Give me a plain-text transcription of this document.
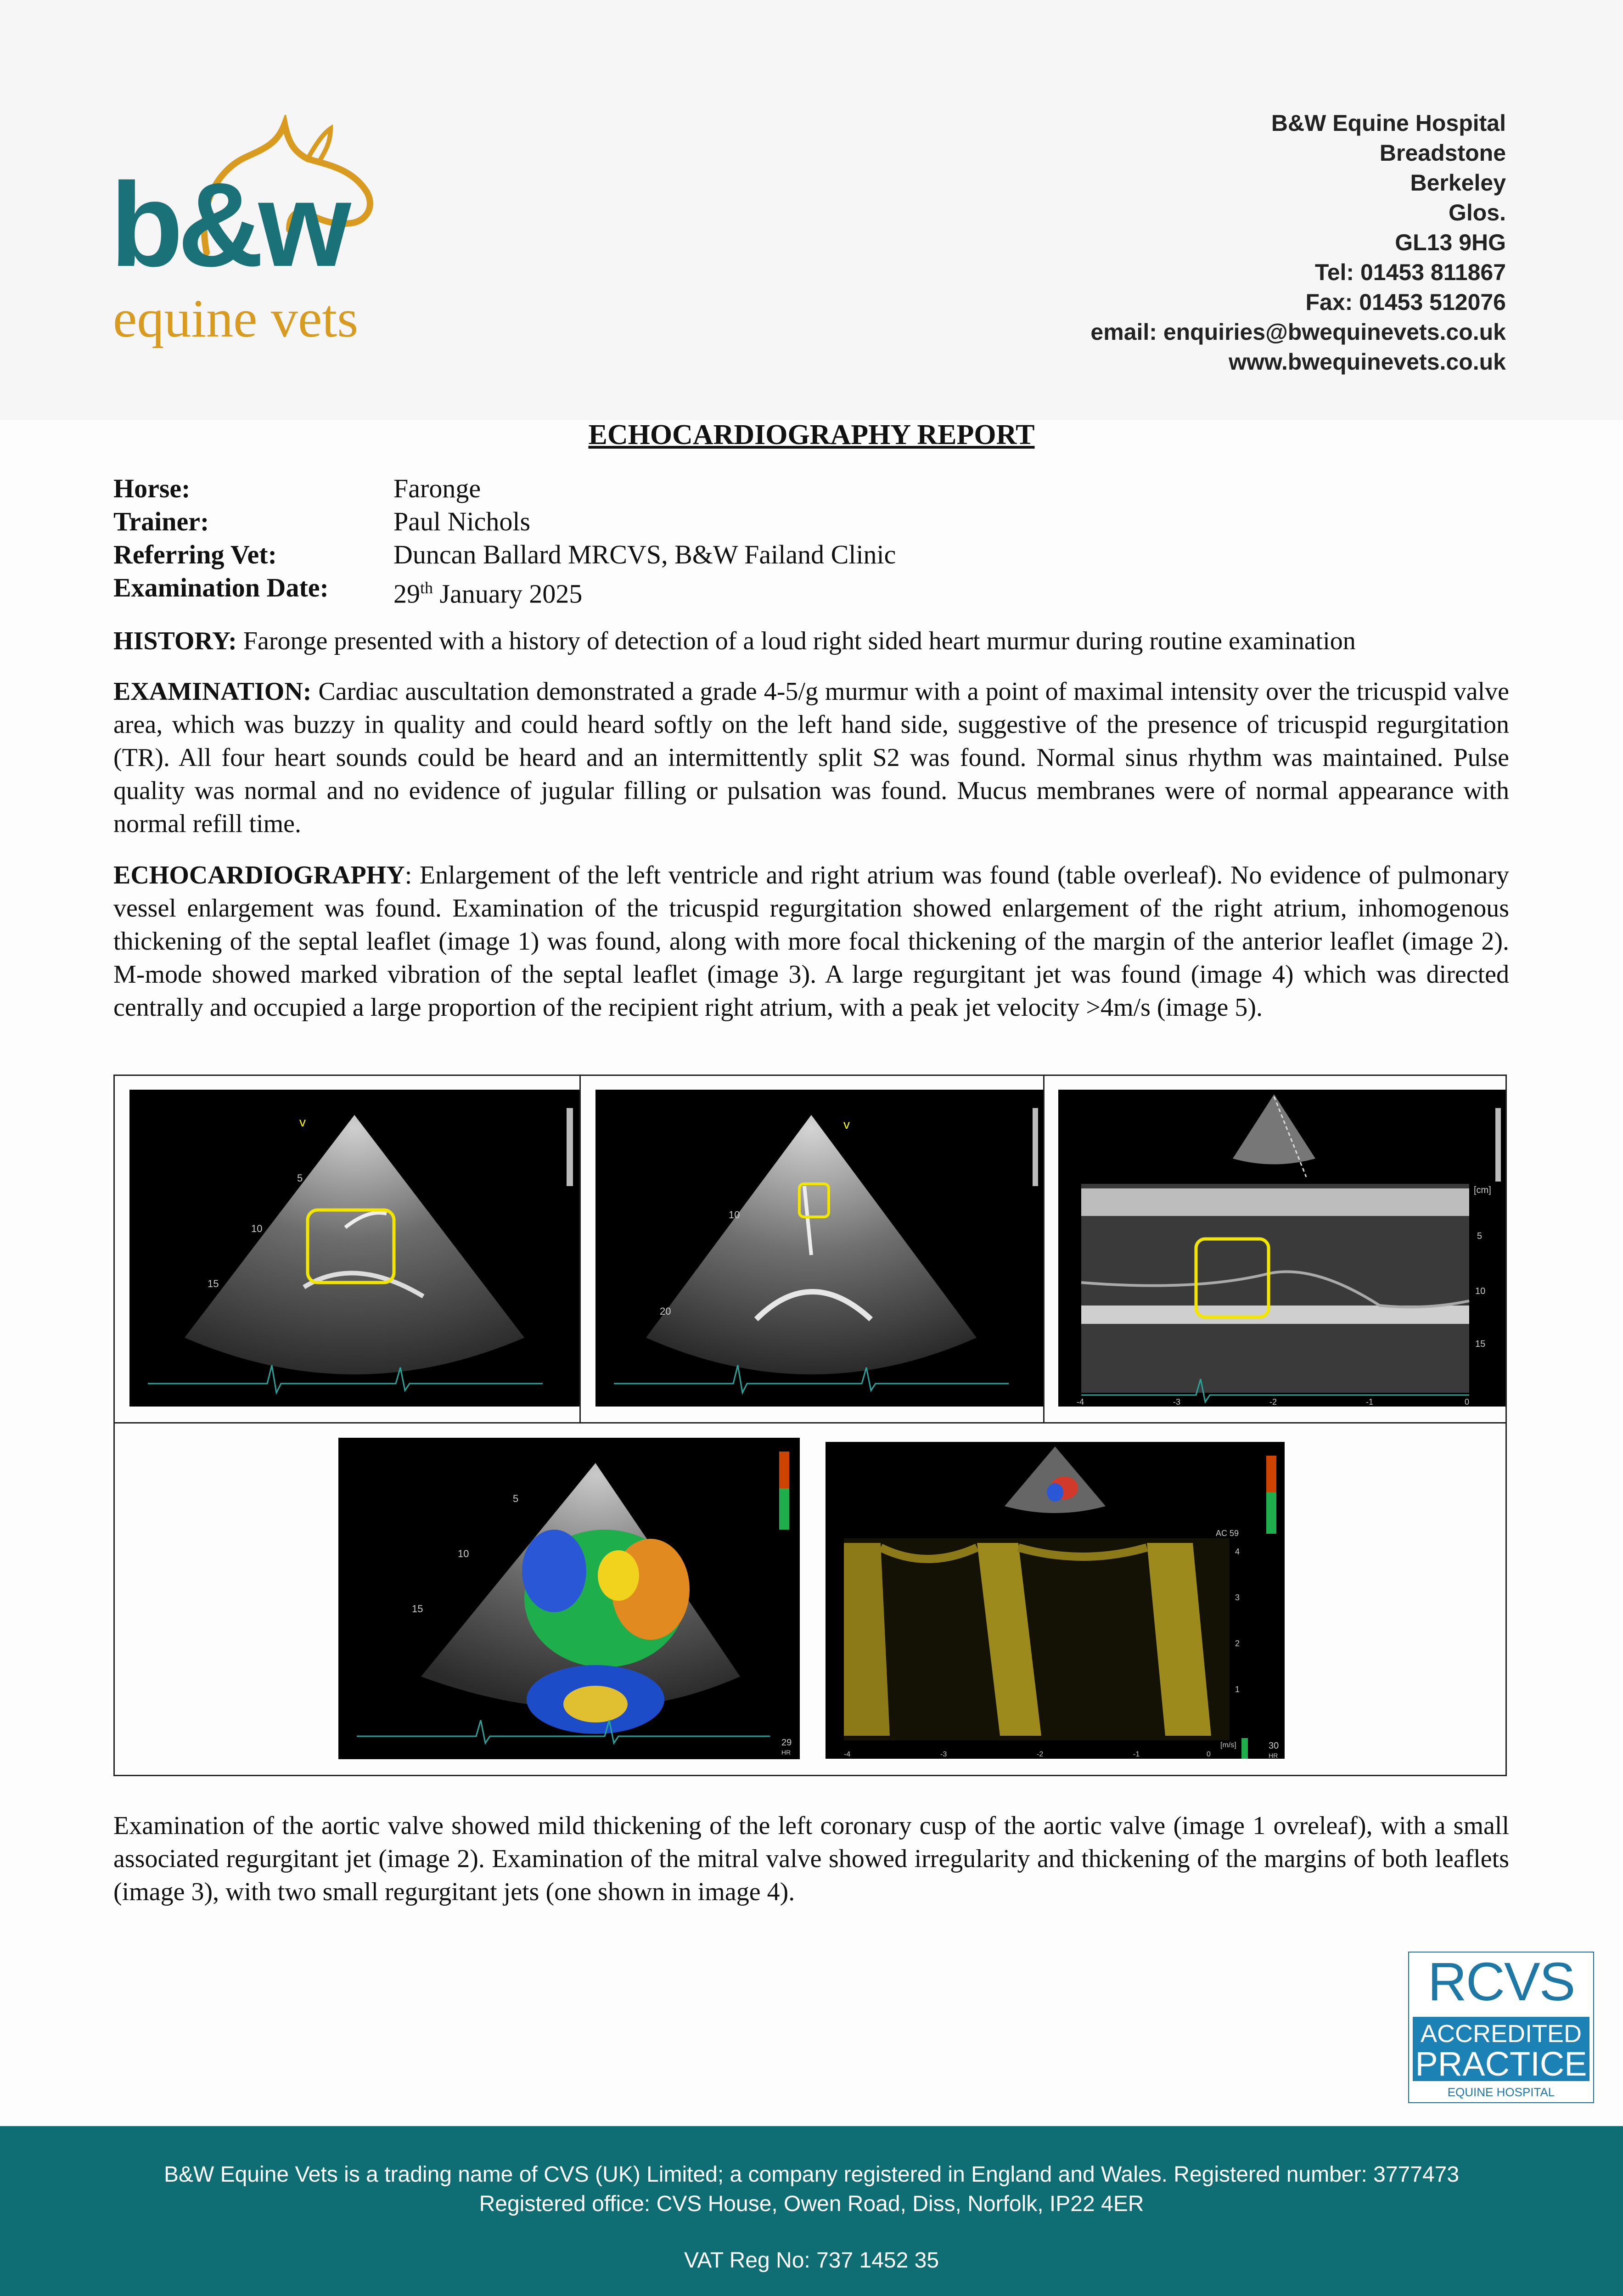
b&w
equine vets
B&W Equine Hospital
Breadstone
Berkeley
Glos.
GL13 9HG
Tel: 01453 811867
Fax: 01453 512076
email: enquiries@bwequinevets.co.uk
www.bwequinevets.co.uk
ECHOCARDIOGRAPHY REPORT
Horse:	Faronge
Trainer:	Paul Nichols
Referring Vet:	Duncan Ballard MRCVS, B&W Failand Clinic
Examination Date:	29th January 2025

HISTORY: Faronge presented with a history of detection of a loud right sided heart murmur during routine examination

EXAMINATION: Cardiac auscultation demonstrated a grade 4-5/g murmur with a point of maximal intensity over the tricuspid valve area, which was buzzy in quality and could heard softly on the left hand side, suggestive of the presence of tricuspid regurgitation (TR). All four heart sounds could be heard and an intermittently split S2 was found. Normal sinus rhythm was maintained. Pulse quality was normal and no evidence of jugular filling or pulsation was found. Mucus membranes were of normal appearance with normal refill time.

ECHOCARDIOGRAPHY: Enlargement of the left ventricle and right atrium was found (table overleaf). No evidence of pulmonary vessel enlargement was found. Examination of the tricuspid regurgitation showed enlargement of the right atrium, inhomogenous thickening of the septal leaflet (image 1) was found, along with more focal thickening of the margin of the anterior leaflet (image 2). M-mode showed marked vibration of the septal leaflet (image 3). A large regurgitant jet was found (image 4) which was directed centrally and occupied a large proportion of the recipient right atrium, with a peak jet velocity >4m/s (image 5).

v
5
10
15
v
10
20
[cm]
5
10
15
-4	-3	-2	-1	0
5
10
15
29
HR
AC 59
4
3
2
1
[m/s]
-4	-3	-2	-1	0
30
HR

Examination of the aortic valve showed mild thickening of the left coronary cusp of the aortic valve (image 1 ovreleaf), with a small associated regurgitant jet (image 2). Examination of the mitral valve showed irregularity and thickening of the margins of both leaflets (image 3), with two small regurgitant jets (one shown in image 4).

RCVS
ACCREDITED
PRACTICE
EQUINE HOSPITAL
B&W Equine Vets is a trading name of CVS (UK) Limited; a company registered in England and Wales. Registered number: 3777473
Registered office: CVS House, Owen Road, Diss, Norfolk, IP22 4ER
VAT Reg No: 737 1452 35
